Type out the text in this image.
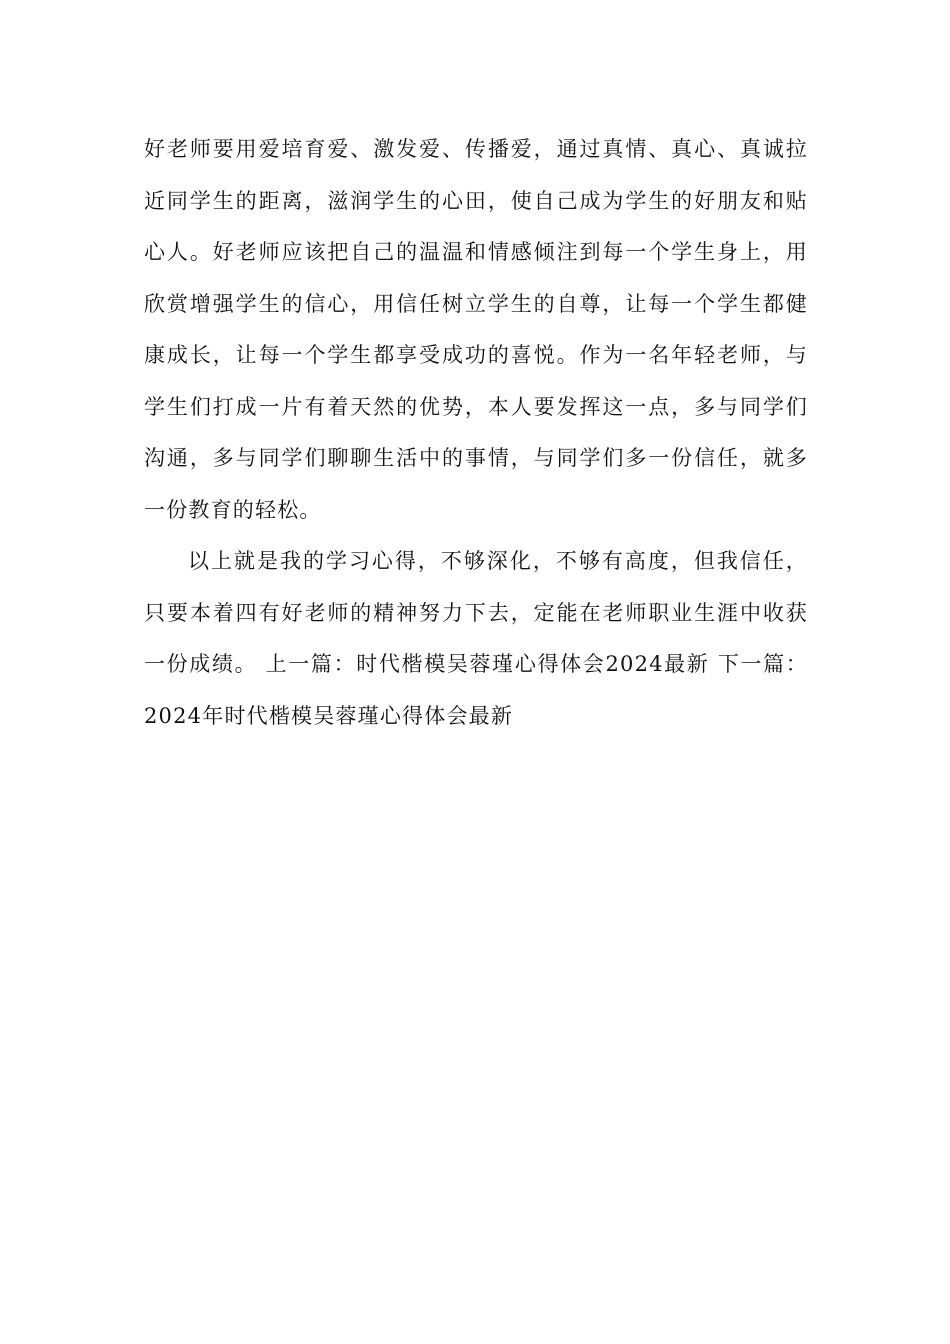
好老师要用爱培育爱、激发爱、传播爱，通过真情、真心、真诚拉
近同学生的距离，滋润学生的心田，使自己成为学生的好朋友和贴
心人。好老师应该把自己的温温和情感倾注到每一个学生身上，用
欣赏增强学生的信心，用信任树立学生的自尊，让每一个学生都健
康成长，让每一个学生都享受成功的喜悦。作为一名年轻老师，与
学生们打成一片有着天然的优势，本人要发挥这一点，多与同学们
沟通，多与同学们聊聊生活中的事情，与同学们多一份信任，就多
一份教育的轻松。

以上就是我的学习心得，不够深化，不够有高度，但我信任，
只要本着四有好老师的精神努力下去，定能在老师职业生涯中收获
一份成绩。 上一篇：时代楷模吴蓉瑾心得体会2024最新 下一篇：
2024年时代楷模吴蓉瑾心得体会最新
